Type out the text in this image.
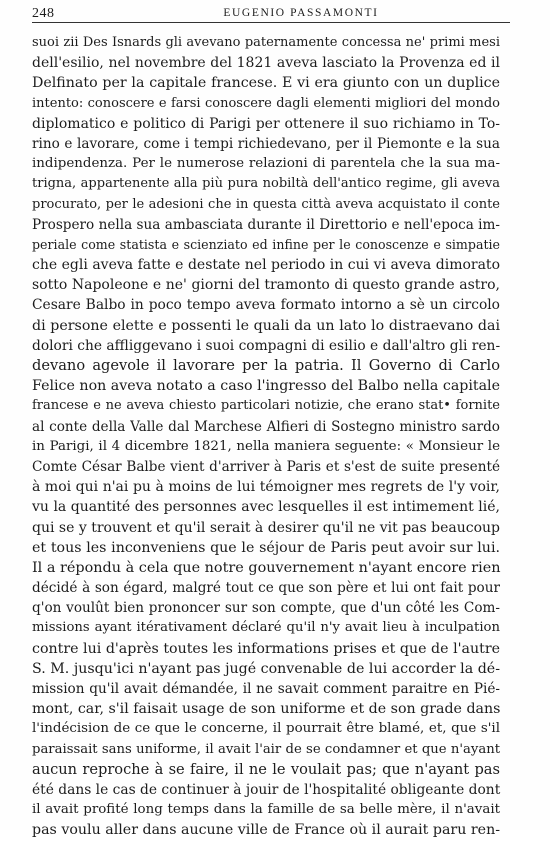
248	EUGENIO PASSAMONTI
suoi zii Des Isnards gli avevano paternamente concessa ne' primi mesi
dell'esilio, nel novembre del 1821 aveva lasciato la Provenza ed il
Delfinato per la capitale francese. E vi era giunto con un duplice
intento: conoscere e farsi conoscere dagli elementi migliori del mondo
diplomatico e politico di Parigi per ottenere il suo richiamo in To-
rino e lavorare, come i tempi richiedevano, per il Piemonte e la sua
indipendenza. Per le numerose relazioni di parentela che la sua ma-
trigna, appartenente alla più pura nobiltà dell'antico regime, gli aveva
procurato, per le adesioni che in questa città aveva acquistato il conte
Prospero nella sua ambasciata durante il Direttorio e nell'epoca im-
periale come statista e scienziato ed infine per le conoscenze e simpatie
che egli aveva fatte e destate nel periodo in cui vi aveva dimorato
sotto Napoleone e ne' giorni del tramonto di questo grande astro,
Cesare Balbo in poco tempo aveva formato intorno a sè un circolo
di persone elette e possenti le quali da un lato lo distraevano dai
dolori che affliggevano i suoi compagni di esilio e dall'altro gli ren-
devano agevole il lavorare per la patria. Il Governo di Carlo
Felice non aveva notato a caso l'ingresso del Balbo nella capitale
francese e ne aveva chiesto particolari notizie, che erano stat• fornite
al conte della Valle dal Marchese Alfieri di Sostegno ministro sardo
in Parigi, il 4 dicembre 1821, nella maniera seguente: « Monsieur le
Comte César Balbe vient d'arriver à Paris et s'est de suite presenté
à moi qui n'ai pu à moins de lui témoigner mes regrets de l'y voir,
vu la quantité des personnes avec lesquelles il est intimement lié,
qui se y trouvent et qu'il serait à desirer qu'il ne vit pas beaucoup
et tous les inconveniens que le séjour de Paris peut avoir sur lui.
Il a répondu à cela que notre gouvernement n'ayant encore rien
décidé à son égard, malgré tout ce que son père et lui ont fait pour
q'on voulût bien prononcer sur son compte, que d'un côté les Com-
missions ayant itérativament déclaré qu'il n'y avait lieu à inculpation
contre lui d'après toutes les informations prises et que de l'autre
S. M. jusqu'ici n'ayant pas jugé convenable de lui accorder la dé-
mission qu'il avait démandée, il ne savait comment paraitre en Pié-
mont, car, s'il faisait usage de son uniforme et de son grade dans
l'indécision de ce que le concerne, il pourrait être blamé, et, que s'il
paraissait sans uniforme, il avait l'air de se condamner et que n'ayant
aucun reproche à se faire, il ne le voulait pas; que n'ayant pas
été dans le cas de continuer à jouir de l'hospitalité obligeante dont
il avait profité long temps dans la famille de sa belle mère, il n'avait
pas voulu aller dans aucune ville de France où il aurait paru ren-
